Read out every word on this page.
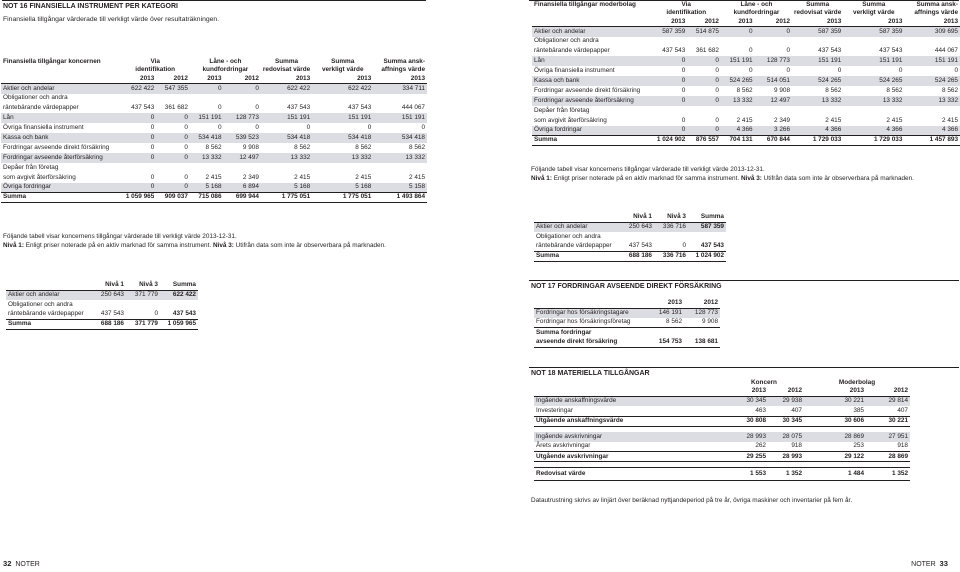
NOT 16 FINANSIELLA INSTRUMENT PER KATEGORI
Finansiella tillgångar värderade till verkligt värde över resultaträkningen.
Finansiella tillgångar koncernen	Via		Låne - och		Summa	Summa	Summa ansk-
	identifikation		kundfordringar		redovisat värde	verkligt värde	affnings värde
	2013	2012	2013	2012	2013	2013	2013
Aktier och andelar	622 422	547 355	0	0	622 422	622 422	334 711
Obligationer och andra							
räntebärande värdepapper	437 543	361 682	0	0	437 543	437 543	444 067
Lån	0	0	151 191	128 773	151 191	151 191	151 191
Övriga finansiella instrument	0	0	0	0	0	0	0
Kassa och bank	0	0	534 418	539 523	534 418	534 418	534 418
Fordringar avseende direkt försäkring	0	0	8 562	9 908	8 562	8 562	8 562
Fordringar avseende återförsäkring	0	0	13 332	12 497	13 332	13 332	13 332
Depåer från företag							
som avgivit återförsäkring	0	0	2 415	2 349	2 415	2 415	2 415
Övriga fordringar	0	0	5 168	6 894	5 168	5 168	5 158
Summa	1 059 965	909 037	715 086	699 944	1 775 051	1 775 051	1 493 864
Följande tabell visar koncernens tillgångar värderade till verkligt värde 2013-12-31.
Nivå 1: Enligt priser noterade på en aktiv marknad för samma instrument. Nivå 3: Utifrån data som inte är observerbara på marknaden.
	Nivå 1	Nivå 3	Summa
Aktier och andelar	250 643	371 779	622 422
Obligationer och andra			
räntebärande värdepapper	437 543	0	437 543
Summa	688 186	371 779	1 059 965
32 NOTER
Finansiella tillgångar moderbolag	Via		Låne - och		Summa	Summa	Summa ansk-
	identifikation		kundfordringar		redovisat värde	verkligt värde	affnings värde
	2013	2012	2013	2012	2013	2013	2013
Aktier och andelar	587 359	514 875	0	0	587 359	587 359	309 695
Obligationer och andra							
räntebärande värdepapper	437 543	361 682	0	0	437 543	437 543	444 067
Lån	0	0	151 191	128 773	151 191	151 191	151 191
Övriga finansiella instrument	0	0	0	0	0	0	0
Kassa och bank	0	0	524 265	514 051	524 265	524 265	524 265
Fordringar avseende direkt försäkring	0	0	8 562	9 908	8 562	8 562	8 562
Fordringar avseende återförsäkring	0	0	13 332	12 497	13 332	13 332	13 332
Depåer från företag							
som avgivit återförsäkring	0	0	2 415	2 349	2 415	2 415	2 415
Övriga fordringar	0	0	4 366	3 266	4 366	4 366	4 366
Summa	1 024 902	876 557	704 131	670 844	1 729 033	1 729 033	1 457 893
Följande tabell visar koncernens tillgångar värderade till verkligt värde 2013-12-31.
Nivå 1: Enligt priser noterade på en aktiv marknad för samma instrument. Nivå 3: Utifrån data som inte är observerbara på marknaden.
	Nivå 1	Nivå 3	Summa
Aktier och andelar	250 643	336 716	587 359
Obligationer och andra			
räntebärande värdepapper	437 543	0	437 543
Summa	688 186	336 716	1 024 902
NOT 17 FORDRINGAR AVSEENDE DIREKT FÖRSÄKRING
	2013	2012
Fordringar hos försäkringstagare	146 191	128 773
Fordringar hos försäkringsföretag	8 562	9 908
Summa fordringar		
avseende direkt försäkring	154 753	138 681
NOT 18 MATERIELLA TILLGÅNGAR
	Koncern		Moderbolag	
	2013	2012	2013	2012
Ingående anskaffningsvärde	30 345	29 938	30 221	29 814
Investeringar	463	407	385	407
Utgående anskaffningsvärde	30 808	30 345	30 606	30 221

Ingående avskrivningar	28 993	28 075	28 869	27 951
Årets avskrivningar	262	918	253	918
Utgående avskrivningar	29 255	28 993	29 122	28 869

Redovisat värde	1 553	1 352	1 484	1 352
Datautrustning skrivs av linjärt över beräknad nyttjandeperiod på tre år, övriga maskiner och inventarier på fem år.
NOTER 33
